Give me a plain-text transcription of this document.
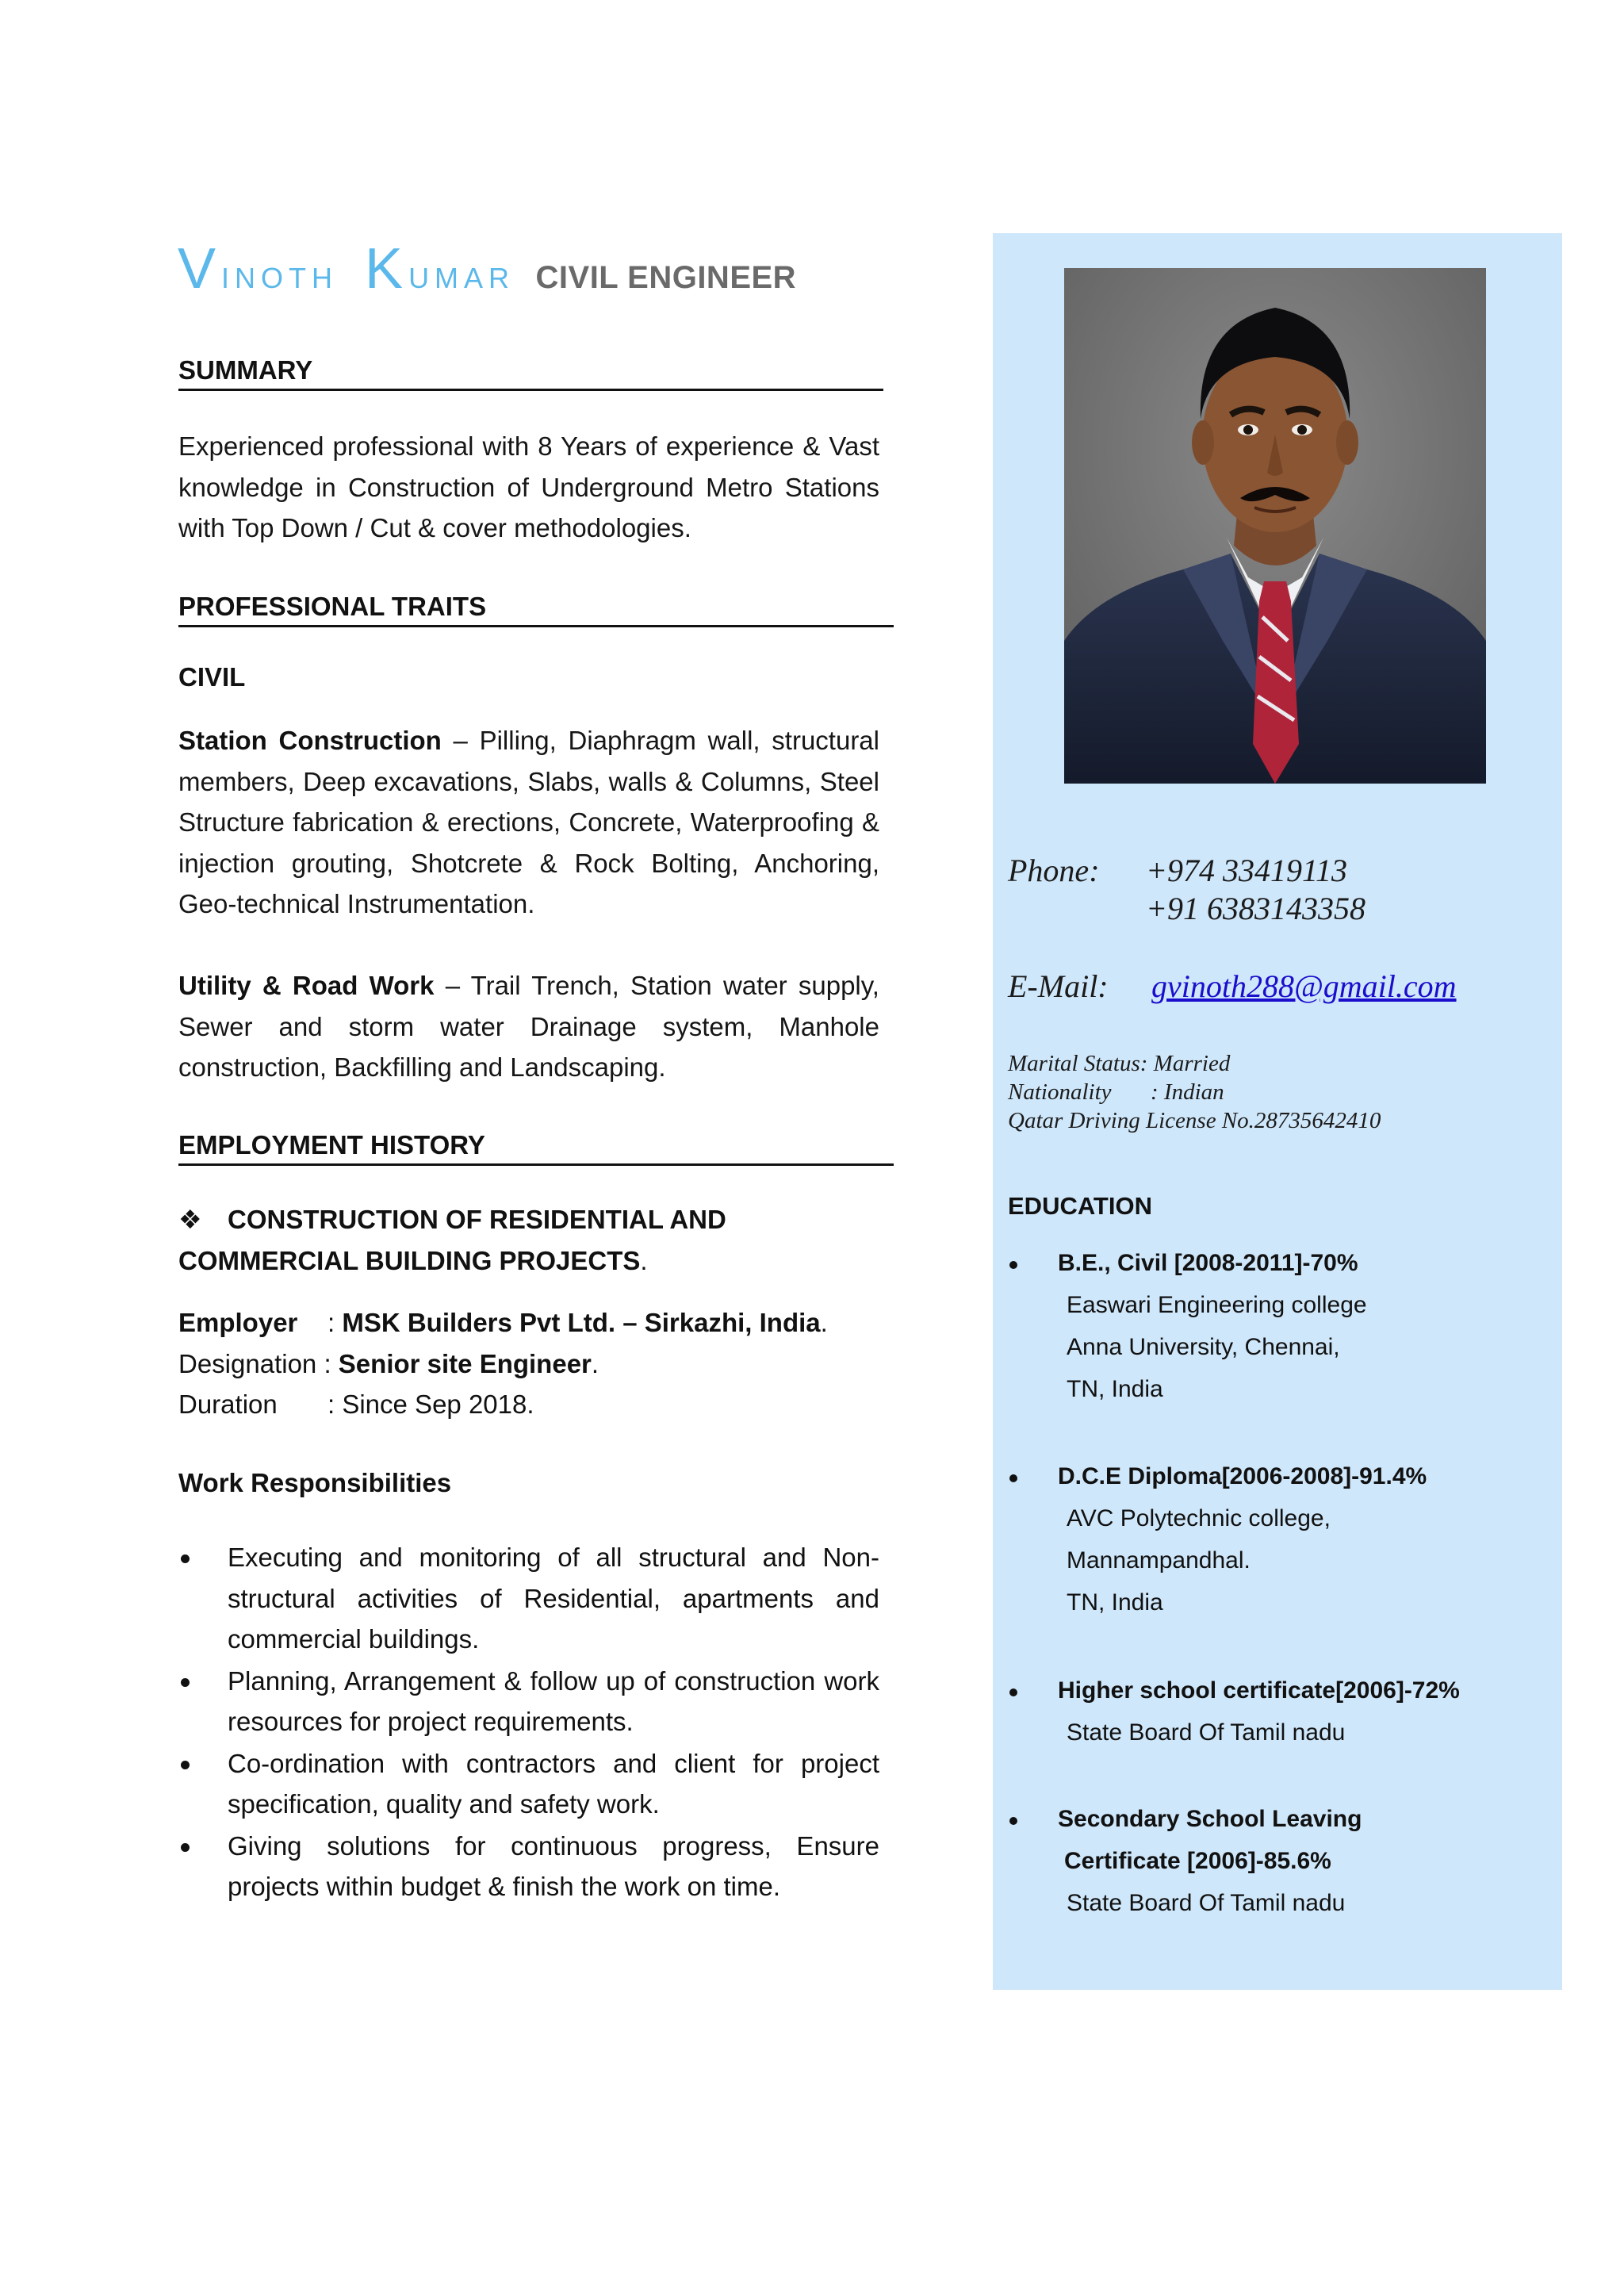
Vinoth Kumar CIVIL ENGINEER
SUMMARY
Experienced professional with 8 Years of experience & Vast knowledge in Construction of Underground Metro Stations with Top Down / Cut & cover methodologies.
PROFESSIONAL TRAITS
CIVIL
Station Construction – Pilling, Diaphragm wall, structural members, Deep excavations, Slabs, walls & Columns, Steel Structure fabrication & erections, Concrete, Waterproofing & injection grouting, Shotcrete & Rock Bolting, Anchoring, Geo-technical Instrumentation.
Utility & Road Work – Trail Trench, Station water supply, Sewer and storm water Drainage system, Manhole construction, Backfilling and Landscaping.
EMPLOYMENT HISTORY
❖ CONSTRUCTION OF RESIDENTIAL AND
COMMERCIAL BUILDING PROJECTS.
Employer : MSK Builders Pvt Ltd. – Sirkazhi, India.
Designation : Senior site Engineer.
Duration : Since Sep 2018.
Work Responsibilities
Executing and monitoring of all structural and Non-structural activities of Residential, apartments and commercial buildings.
Planning, Arrangement & follow up of construction work resources for project requirements.
Co-ordination with contractors and client for project specification, quality and safety work.
Giving solutions for continuous progress, Ensure projects within budget & finish the work on time.
Phone: +974 33419113
+91 6383143358
E-Mail: gvinoth288@gmail.com
Marital Status: Married
Nationality : Indian
Qatar Driving License No.28735642410
EDUCATION
B.E., Civil [2008-2011]-70%
Easwari Engineering college
Anna University, Chennai,
TN, India
D.C.E Diploma[2006-2008]-91.4%
AVC Polytechnic college,
Mannampandhal.
TN, India
Higher school certificate[2006]-72%
State Board Of Tamil nadu
Secondary School Leaving
Certificate [2006]-85.6%
State Board Of Tamil nadu
